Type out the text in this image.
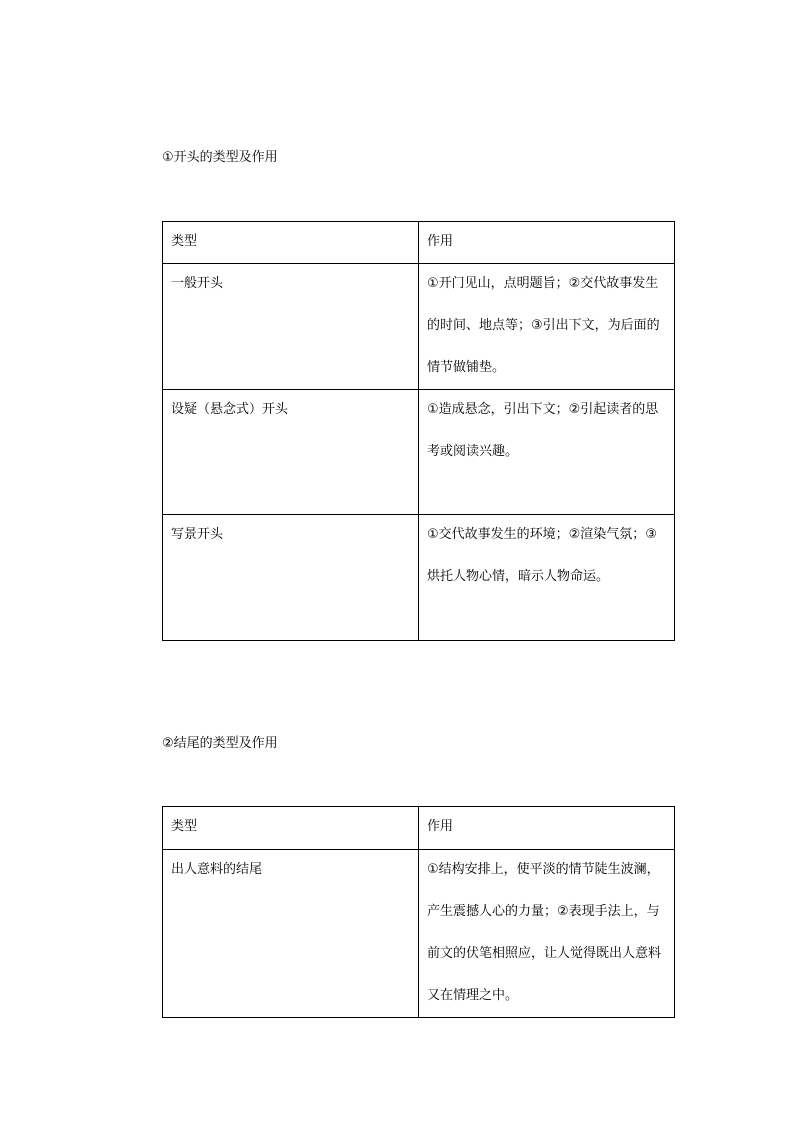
①开头的类型及作用
类型	作用

一般开头	①开门见山，点明题旨；②交代故事发生的时间、地点等；③引出下文，为后面的情节做铺垫。

设疑（悬念式）开头	①造成悬念，引出下文；②引起读者的思考或阅读兴趣。

写景开头	①交代故事发生的环境；②渲染气氛；③烘托人物心情，暗示人物命运。
②结尾的类型及作用
类型	作用

出人意料的结尾	①结构安排上，使平淡的情节陡生波澜，产生震撼人心的力量；②表现手法上，与前文的伏笔相照应，让人觉得既出人意料又在情理之中。
